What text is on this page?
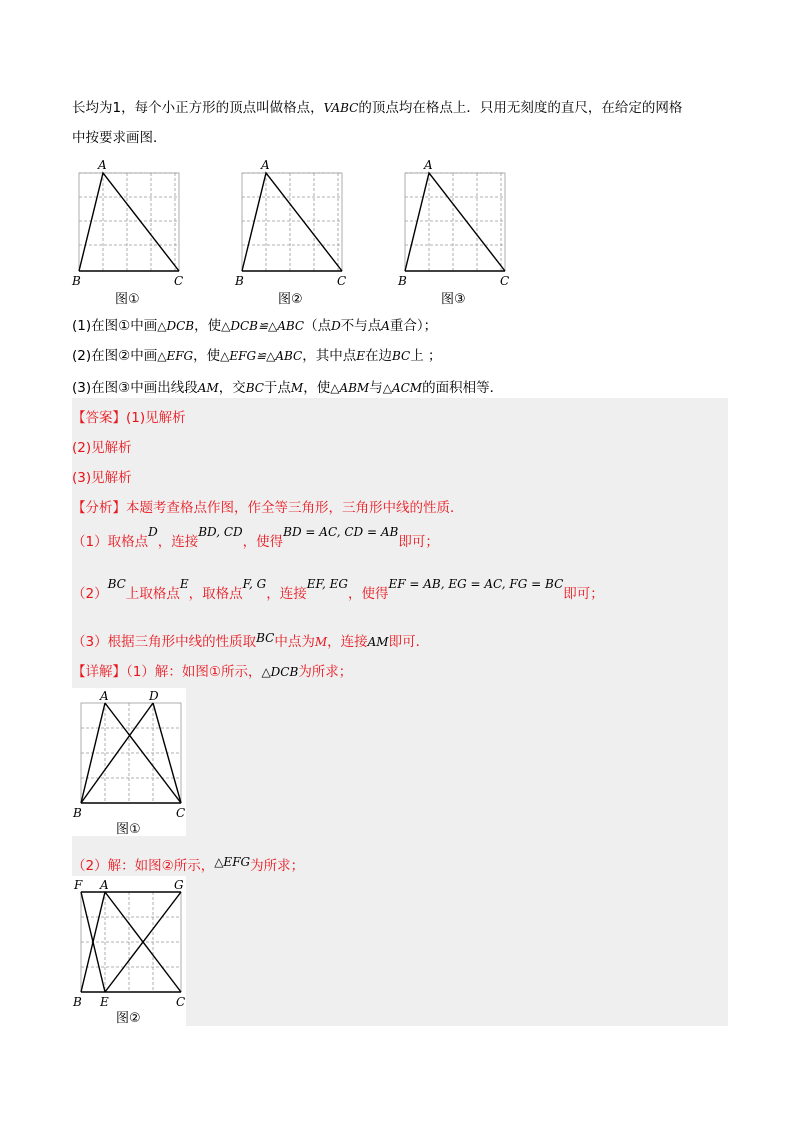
长均为1，每个小正方形的顶点叫做格点，VABC的顶点均在格点上．只用无刻度的直尺，在给定的网格
中按要求画图．
A
B	C
图①
A
B	C
图②
A
B	C
图③
(1)在图①中画△DCB，使△DCB≌△ABC（点D不与点A重合）；
(2)在图②中画△EFG，使△EFG≌△ABC，其中点E在边BC上 ；
(3)在图③中画出线段AM，交BC于点M，使△ABM与△ACM的面积相等．
【答案】(1)见解析
(2)见解析
(3)见解析
【分析】本题考查格点作图，作全等三角形，三角形中线的性质．
（1）取格点D，连接BD, CD，使得BD = AC, CD = AB即可；
（2）BC上取格点E，取格点F, G，连接EF, EG，使得EF = AB, EG = AC, FG = BC即可；
（3）根据三角形中线的性质取BC中点为M，连接AM即可．
【详解】（1）解：如图①所示，△DCB为所求；
A	D
B	C
图①
（2）解：如图②所示，△EFG为所求；
F A	G
B E	C
图②
